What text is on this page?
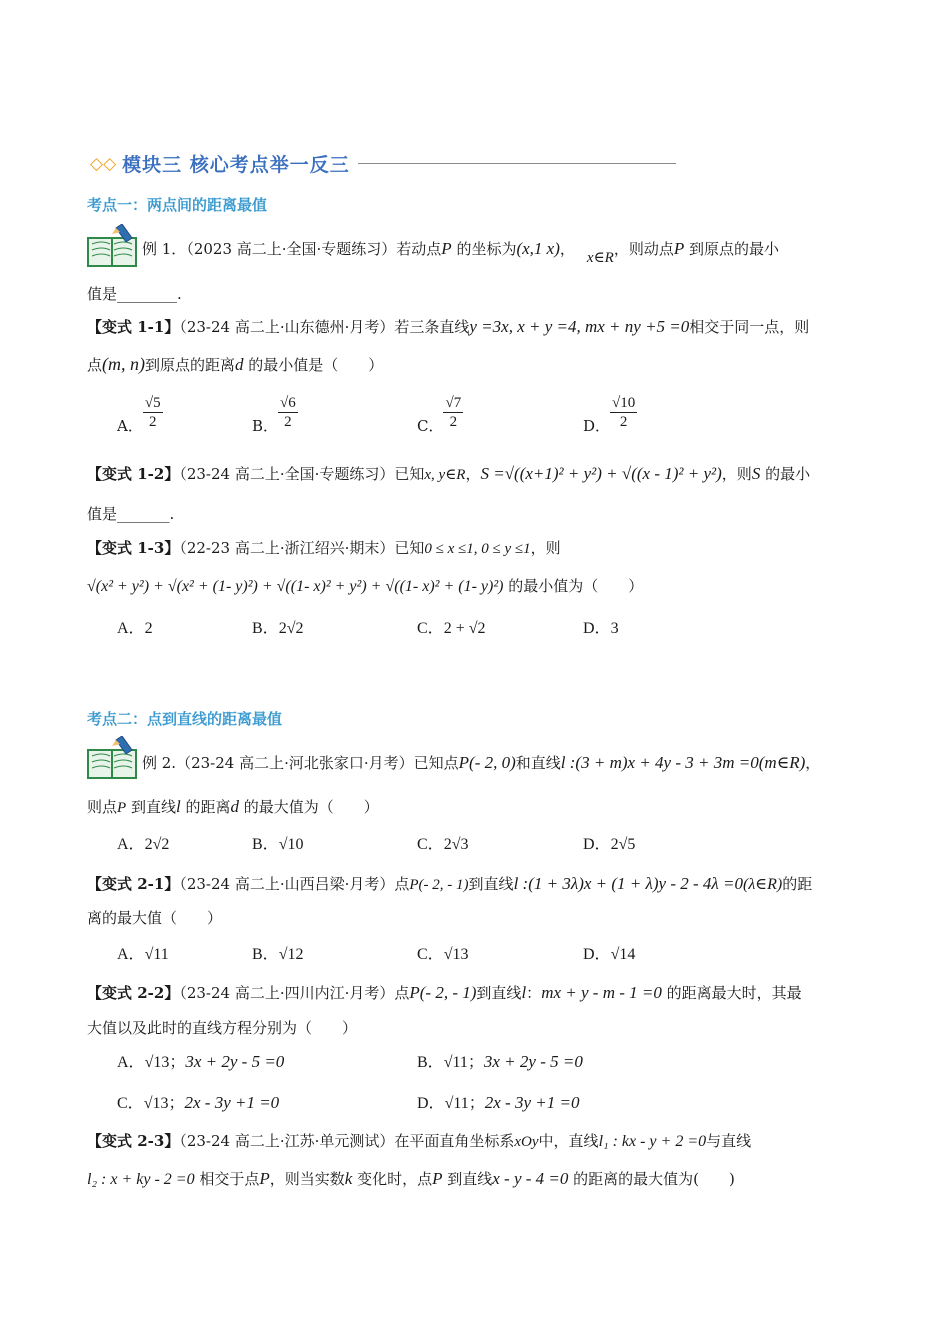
◇◇ 模块三 核心考点举一反三
考点一：两点间的距离最值
例 1．（2023 高二上·全国·专题练习）若动点P 的坐标为(x,1 x)， x∈R，则动点P 到原点的最小
值是________.
【变式 1-1】（23-24 高二上·山东德州·月考）若三条直线y =3x, x + y =4, mx + ny +5 =0相交于同一点，则
点(m, n)到原点的距离d 的最小值是（　　）
A． $\frac{√5}{2}$	B． $\frac{√6}{2}$	C． $\frac{√7}{2}$	D． $\frac{√10}{2}$
【变式 1-2】（23-24 高二上·全国·专题练习）已知x, y∈R，S =√((x+1)² + y²) + √((x - 1)² + y²)，则S 的最小
值是_______.
【变式 1-3】（22-23 高二上·浙江绍兴·期末）已知0 ≤ x ≤1, 0 ≤ y ≤1，则
√(x² + y²) + √(x² + (1- y)²) + √((1- x)² + y²) + √((1- x)² + (1- y)²) 的最小值为（　　）
A．2	B．2√2	C．2 + √2	D．3
考点二：点到直线的距离最值
例 2.（23-24 高二上·河北张家口·月考）已知点P(- 2, 0)和直线l :(3 + m)x + 4y - 3 + 3m =0(m∈R)，
则点P 到直线l 的距离d 的最大值为（　　）
A．2√2	B．√10	C．2√3	D．2√5
【变式 2-1】（23-24 高二上·山西吕梁·月考）点P(- 2, - 1)到直线l :(1 + 3λ)x + (1 + λ)y - 2 - 4λ =0(λ∈R)的距
离的最大值（　　）
A．√11	B．√12	C．√13	D．√14
【变式 2-2】（23-24 高二上·四川内江·月考）点P(- 2, - 1)到直线l：mx + y - m - 1 =0 的距离最大时，其最
大值以及此时的直线方程分别为（　　）
A．√13；3x + 2y - 5 =0	B．√11；3x + 2y - 5 =0
C．√13；2x - 3y +1 =0	D．√11；2x - 3y +1 =0
【变式 2-3】（23-24 高二上·江苏·单元测试）在平面直角坐标系xOy中，直线l₁ : kx - y + 2 =0与直线
l₂ : x + ky - 2 =0 相交于点P，则当实数k 变化时，点P 到直线x - y - 4 =0 的距离的最大值为(　　)
